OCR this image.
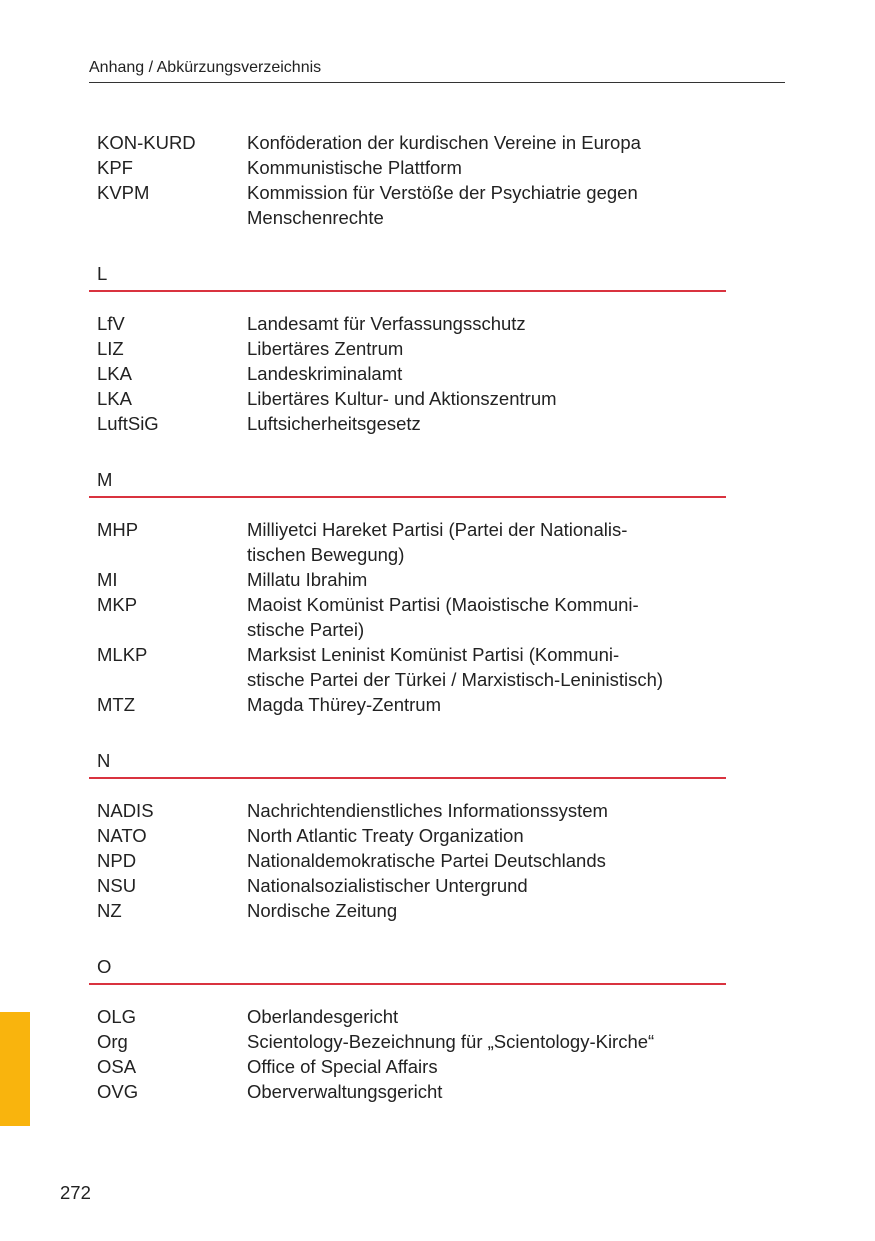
Anhang / Abkürzungsverzeichnis
KON-KURD	Konföderation der kurdischen Vereine in Europa
KPF	Kommunistische Plattform
KVPM	Kommission für Verstöße der Psychiatrie gegen
Menschenrechte
L
LfV	Landesamt für Verfassungsschutz
LIZ	Libertäres Zentrum
LKA	Landeskriminalamt
LKA	Libertäres Kultur- und Aktionszentrum
LuftSiG	Luftsicherheitsgesetz
M
MHP	Milliyetci Hareket Partisi (Partei der Nationalis-
tischen Bewegung)
MI	Millatu Ibrahim
MKP	Maoist Komünist Partisi (Maoistische Kommuni-
stische Partei)
MLKP	Marksist Leninist Komünist Partisi (Kommuni-
stische Partei der Türkei / Marxistisch-Leninistisch)
MTZ	Magda Thürey-Zentrum
N
NADIS	Nachrichtendienstliches Informationssystem
NATO	North Atlantic Treaty Organization
NPD	Nationaldemokratische Partei Deutschlands
NSU	Nationalsozialistischer Untergrund
NZ	Nordische Zeitung
O
OLG	Oberlandesgericht
Org	Scientology-Bezeichnung für „Scientology-Kirche“
OSA	Office of Special Affairs
OVG	Oberverwaltungsgericht
272
